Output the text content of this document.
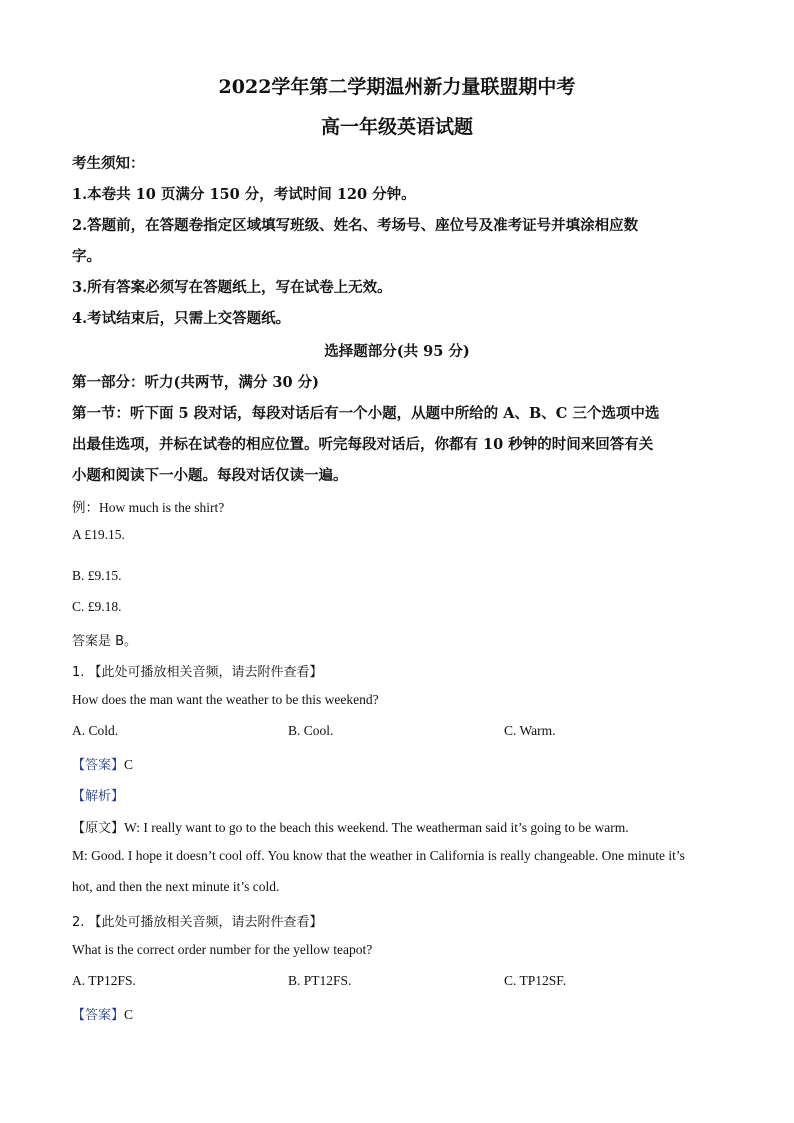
2022学年第二学期温州新力量联盟期中考
高一年级英语试题
考生须知：
1.本卷共 10 页满分 150 分，考试时间 120 分钟。
2.答题前，在答题卷指定区域填写班级、姓名、考场号、座位号及准考证号并填涂相应数
字。
3.所有答案必须写在答题纸上，写在试卷上无效。
4.考试结束后，只需上交答题纸。
选择题部分(共 95 分)
第一部分：听力(共两节，满分 30 分)
第一节：听下面 5 段对话，每段对话后有一个小题，从题中所给的 A、B、C 三个选项中选
出最佳选项，并标在试卷的相应位置。听完每段对话后，你都有 10 秒钟的时间来回答有关
小题和阅读下一小题。每段对话仅读一遍。
例：How much is the shirt?
A £19.15.
B. £9.15.
C. £9.18.
答案是 B。
1. 【此处可播放相关音频，请去附件查看】
How does the man want the weather to be this weekend?
A. Cold.	B. Cool.	C. Warm.
【答案】C
【解析】
【原文】W: I really want to go to the beach this weekend. The weatherman said it’s going to be warm.
M: Good. I hope it doesn’t cool off. You know that the weather in California is really changeable. One minute it’s
hot, and then the next minute it’s cold.
2. 【此处可播放相关音频，请去附件查看】
What is the correct order number for the yellow teapot?
A. TP12FS.	B. PT12FS.	C. TP12SF.
【答案】C
